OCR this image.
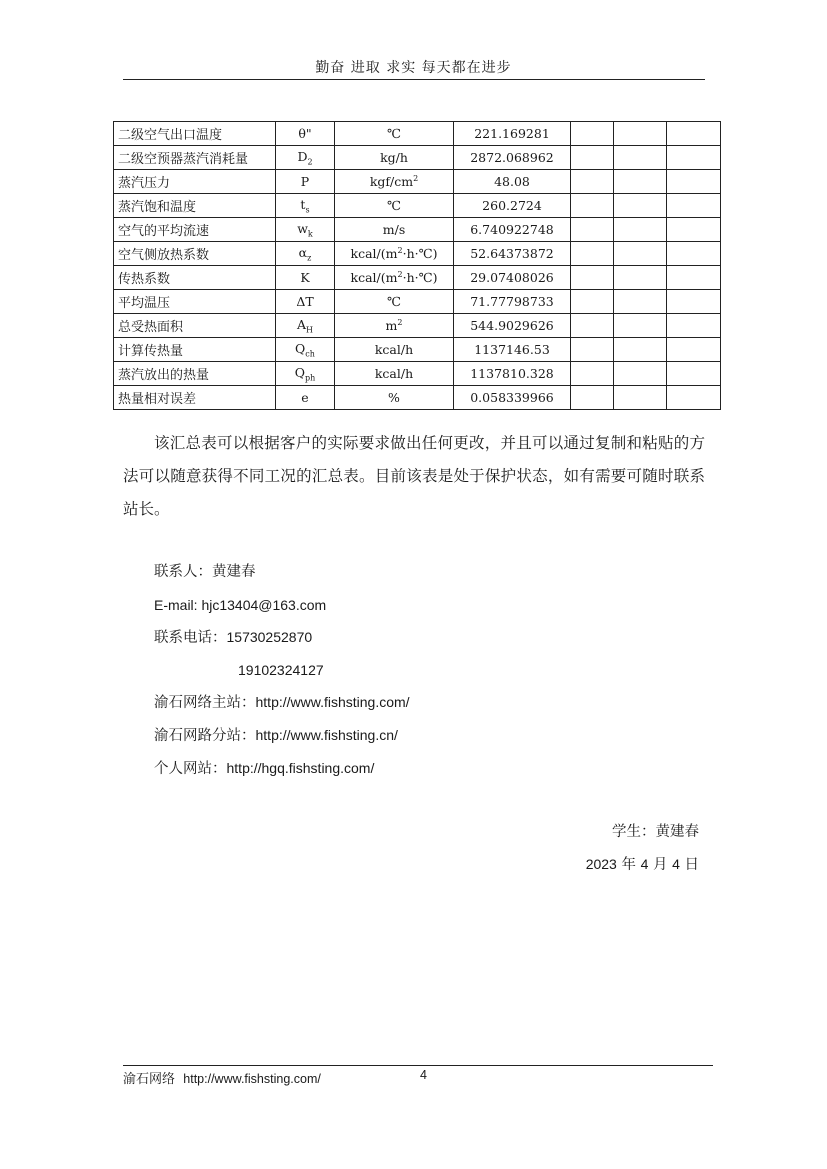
勤奋 进取 求实 每天都在进步
二级空气出口温度	θ"	℃	221.169281			
二级空预器蒸汽消耗量	$D_2$	kg/h	2872.068962			
蒸汽压力	P	kgf/$cm^2$	48.08			
蒸汽饱和温度	$t_s$	℃	260.2724			
空气的平均流速	$w_k$	m/s	6.740922748			
空气侧放热系数	$\alpha_z$	kcal/$(m^2\cdot h\cdot℃)$	52.64373872			
传热系数	K	kcal/$(m^2\cdot h\cdot℃)$	29.07408026			
平均温压	ΔT	℃	71.77798733			
总受热面积	$A_H$	$m^2$	544.9029626			
计算传热量	$Q_{ch}$	kcal/h	1137146.53			
蒸汽放出的热量	$Q_{ph}$	kcal/h	1137810.328			
热量相对误差	e	%	0.058339966			
该汇总表可以根据客户的实际要求做出任何更改，并且可以通过复制和粘贴的方法可以随意获得不同工况的汇总表。目前该表是处于保护状态，如有需要可随时联系站长。
联系人：黄建春
E-mail: hjc13404@163.com
联系电话：15730252870
19102324127
渝石网络主站：http://www.fishsting.com/
渝石网路分站：http://www.fishsting.cn/
个人网站：http://hgq.fishsting.com/
学生：黄建春
2023 年 4 月 4 日
渝石网络 http://www.fishsting.com/	4
